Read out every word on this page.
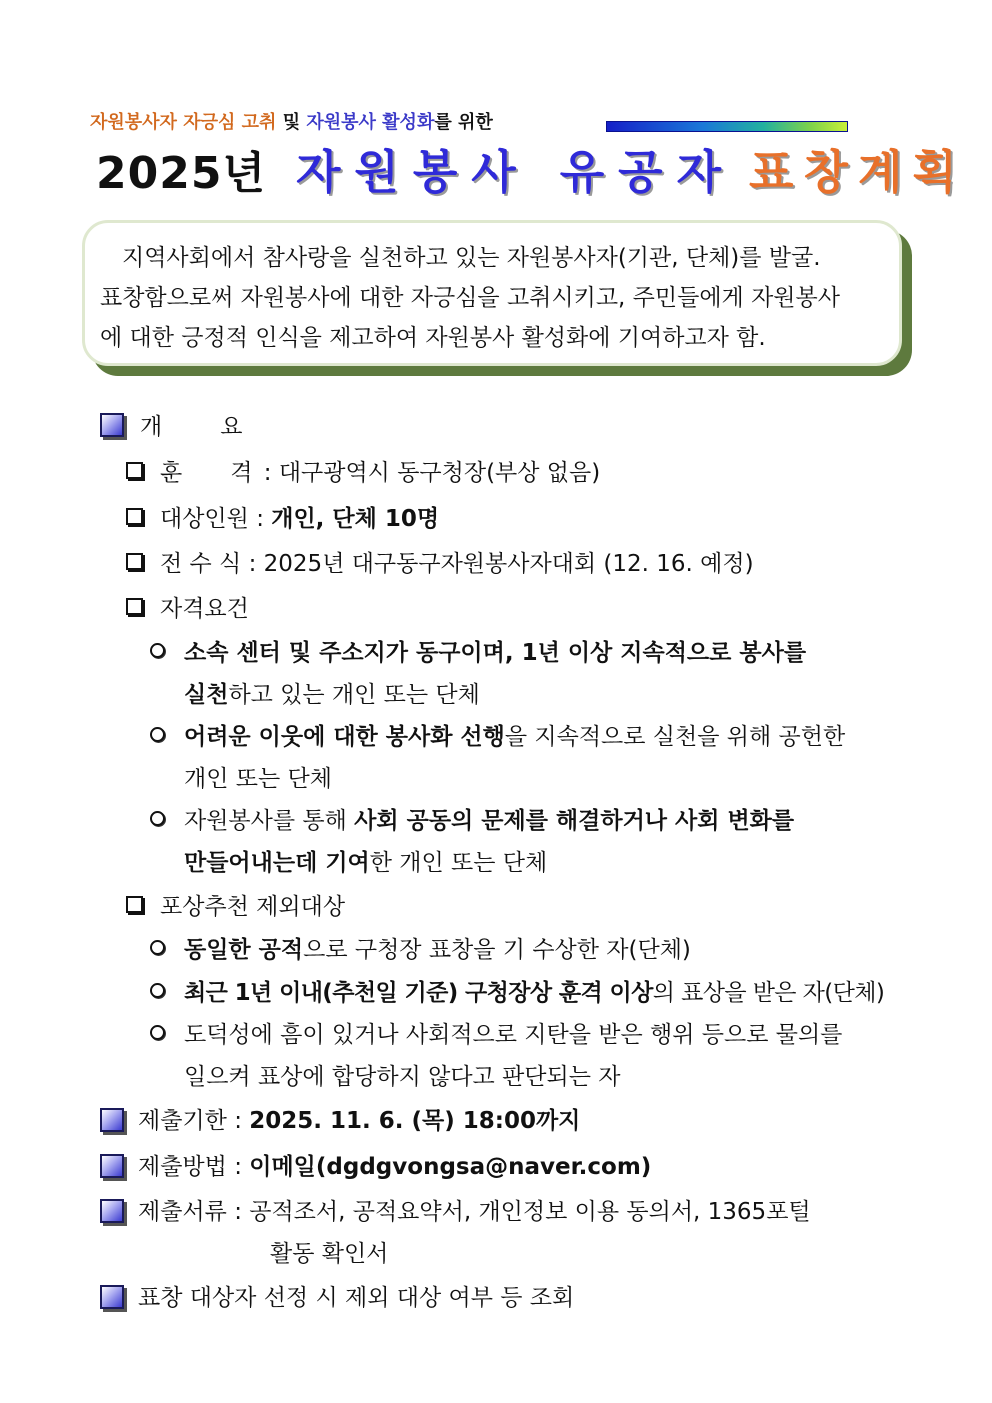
자원봉사자 자긍심 고취 및 자원봉사 활성화 를 위한
2025년 자원봉사 유공자 표창계획
지역사회에서 참사랑을 실천하고 있는 자원봉사자(기관, 단체)를 발굴.
표창함으로써 자원봉사에 대한 자긍심을 고취시키고, 주민들에게 자원봉사
에 대한 긍정적 인식을 제고하여 자원봉사 활성화에 기여하고자 함.
개	요
훈 격 : 대구광역시 동구청장(부상 없음)
대상인원 : 개인, 단체 10명
전 수 식 : 2025년 대구동구자원봉사자대회 (12. 16. 예정)
자격요건
소속 센터 및 주소지가 동구이며, 1년 이상 지속적으로 봉사를
실천하고 있는 개인 또는 단체
어려운 이웃에 대한 봉사화 선행을 지속적으로 실천을 위해 공헌한
개인 또는 단체
자원봉사를 통해 사회 공동의 문제를 해결하거나 사회 변화를
만들어내는데 기여한 개인 또는 단체
포상추천 제외대상
동일한 공적으로 구청장 표창을 기 수상한 자(단체)
최근 1년 이내(추천일 기준) 구청장상 훈격 이상의 표상을 받은 자(단체)
도덕성에 흠이 있거나 사회적으로 지탄을 받은 행위 등으로 물의를
일으켜 표상에 합당하지 않다고 판단되는 자
제출기한 : 2025. 11. 6. (목) 18:00까지
제출방법 : 이메일(dgdgvongsa@naver.com)
제출서류 : 공적조서, 공적요약서, 개인정보 이용 동의서, 1365포털
활동 확인서
표창 대상자 선정 시 제외 대상 여부 등 조회
